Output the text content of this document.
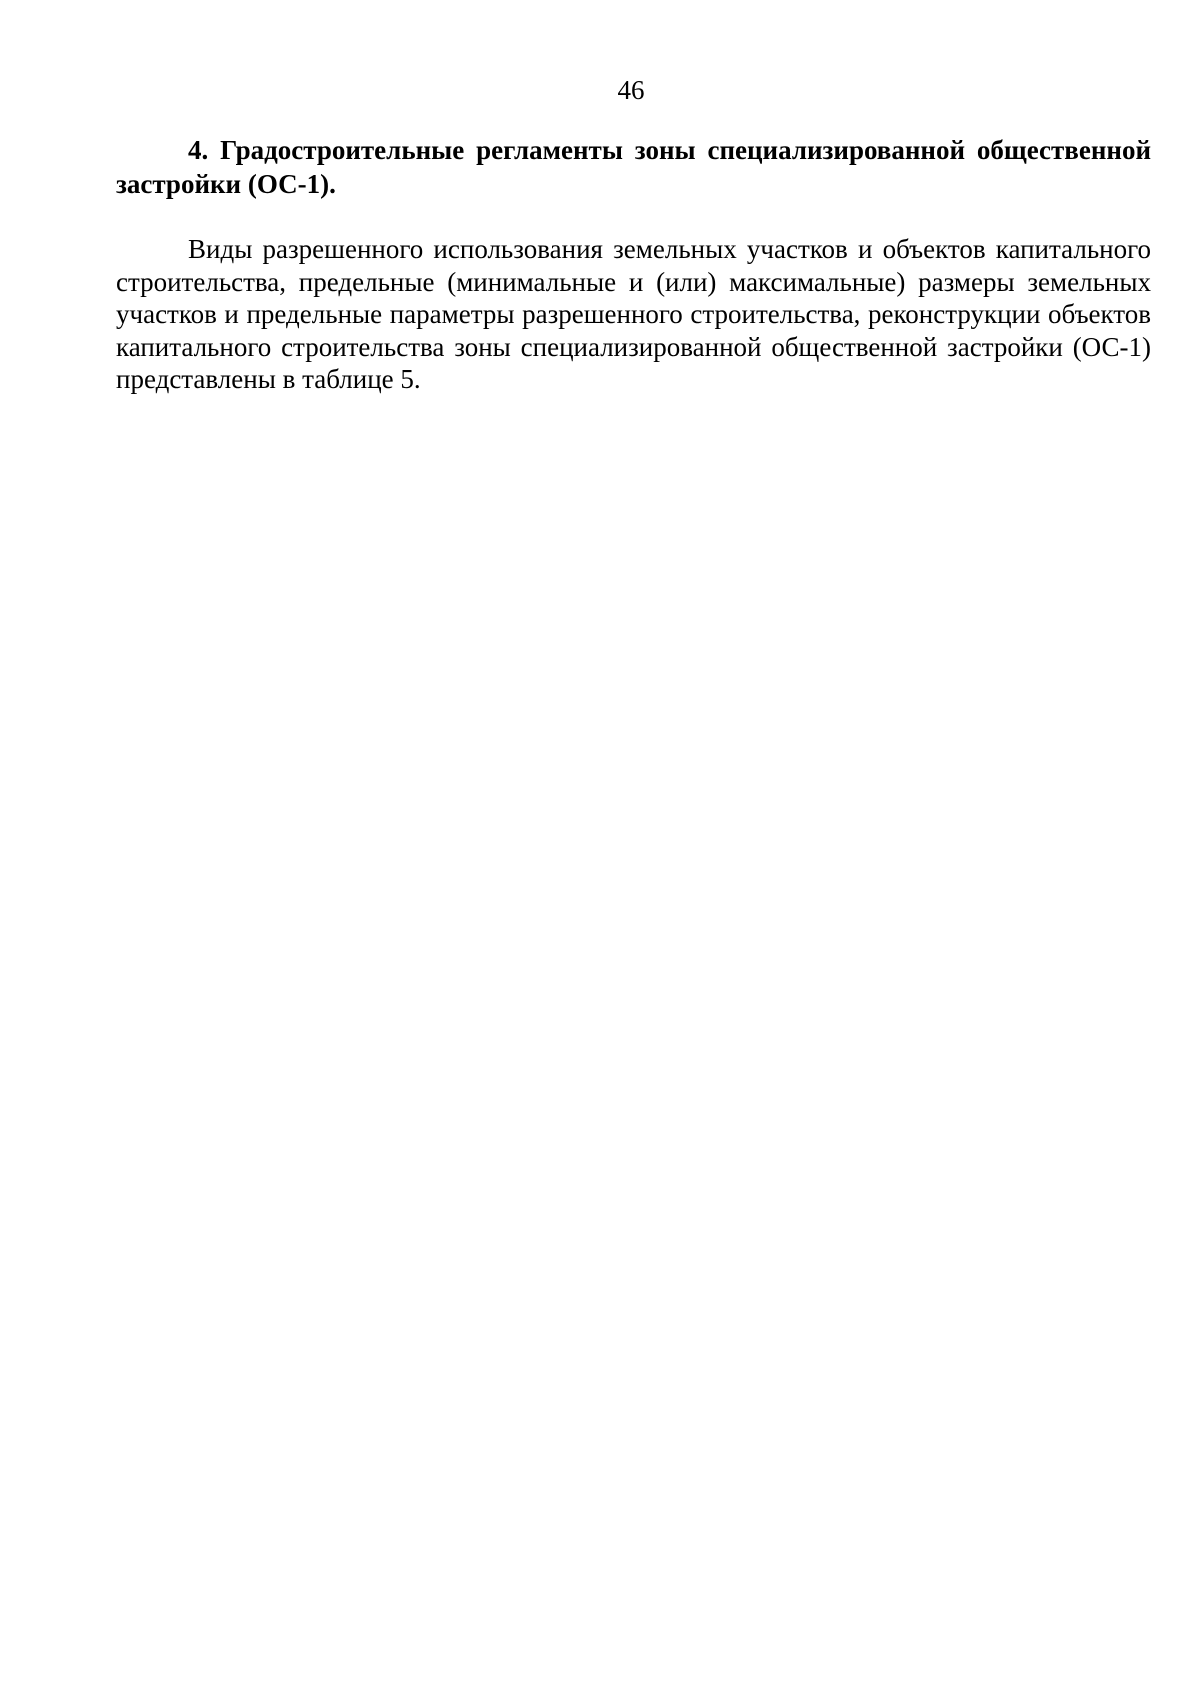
46

4. Градостроительные регламенты зоны специализированной общественной застройки (ОС-1).

Виды разрешенного использования земельных участков и объектов капитального строительства, предельные (минимальные и (или) максимальные) размеры земельных участков и предельные параметры разрешенного строительства, реконструкции объектов капитального строительства зоны специализированной общественной застройки (ОС-1) представлены в таблице 5.
